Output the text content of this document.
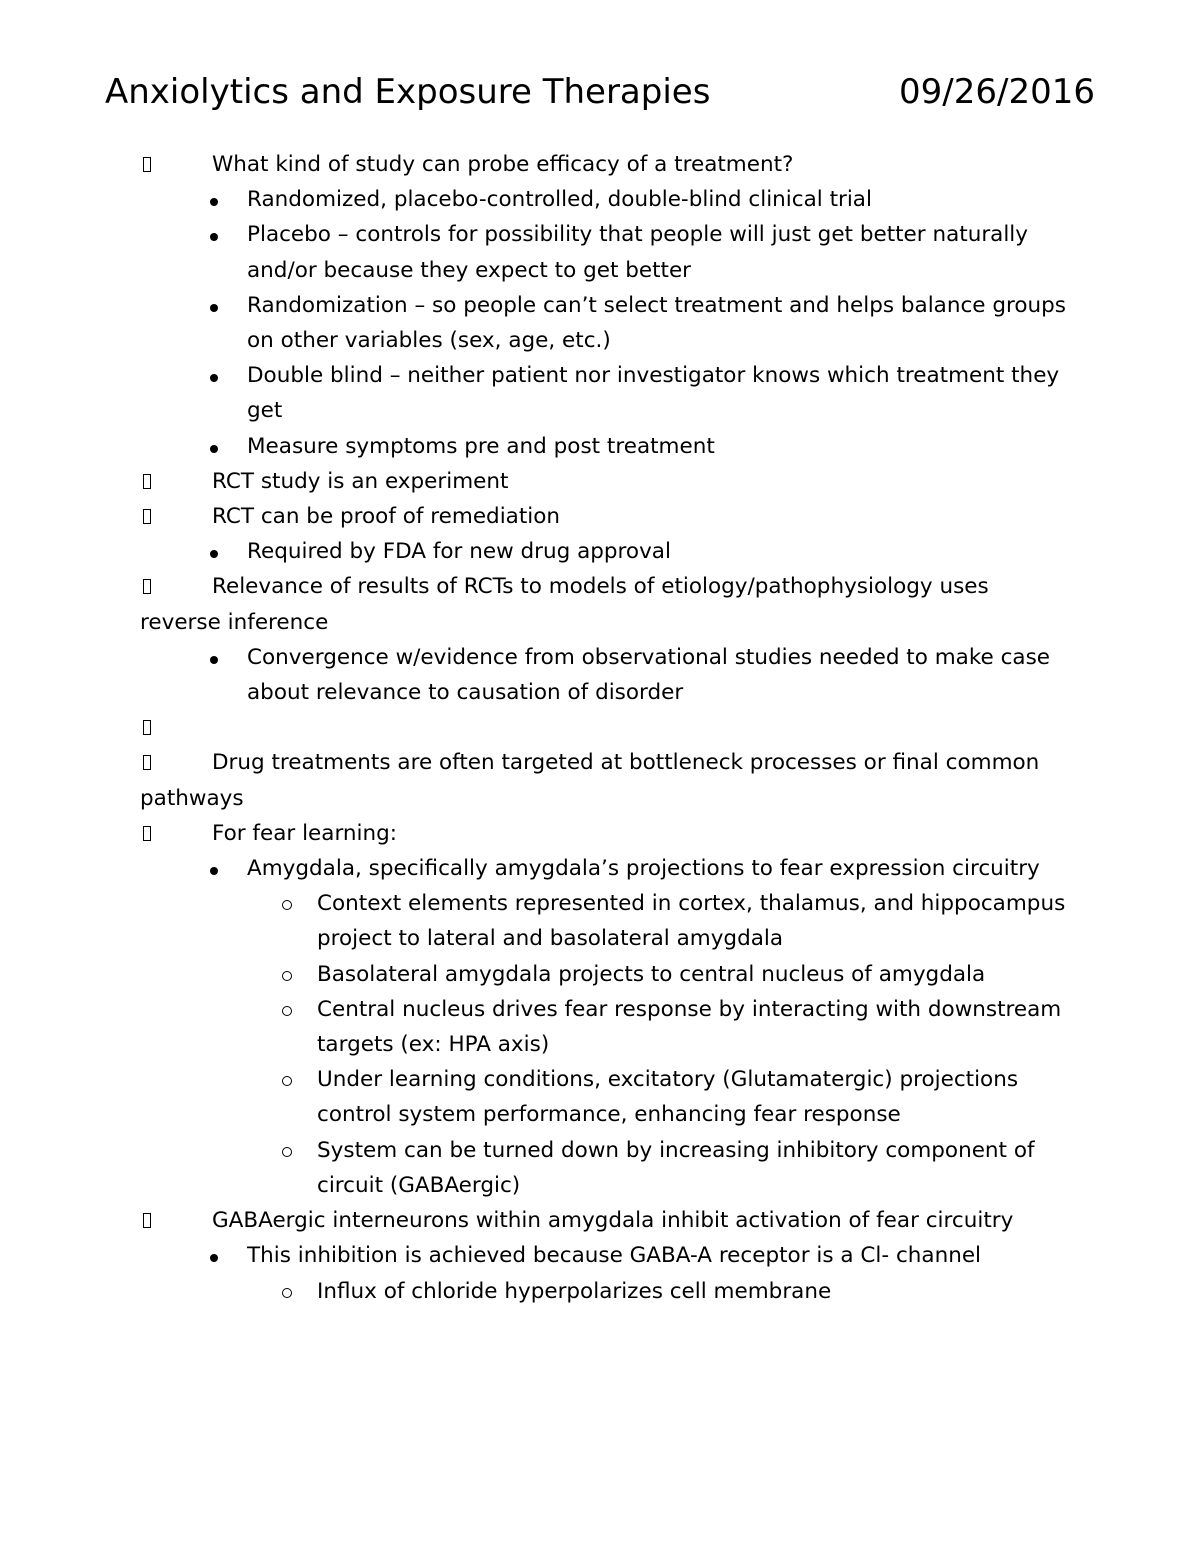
Anxiolytics and Exposure Therapies	09/26/2016

What kind of study can probe efficacy of a treatment?

Randomized, placebo-controlled, double-blind clinical trial

Placebo – controls for possibility that people will just get better naturally and/or because they expect to get better

Randomization – so people can’t select treatment and helps balance groups on other variables (sex, age, etc.)

Double blind – neither patient nor investigator knows which treatment they get

Measure symptoms pre and post treatment

RCT study is an experiment

RCT can be proof of remediation

Required by FDA for new drug approval

Relevance of results of RCTs to models of etiology/pathophysiology uses reverse inference

Convergence w/evidence from observational studies needed to make case about relevance to causation of disorder

Drug treatments are often targeted at bottleneck processes or final common pathways

For fear learning:

Amygdala, specifically amygdala’s projections to fear expression circuitry

Context elements represented in cortex, thalamus, and hippocampus project to lateral and basolateral amygdala

Basolateral amygdala projects to central nucleus of amygdala

Central nucleus drives fear response by interacting with downstream targets (ex: HPA axis)

Under learning conditions, excitatory (Glutamatergic) projections control system performance, enhancing fear response

System can be turned down by increasing inhibitory component of circuit (GABAergic)

GABAergic interneurons within amygdala inhibit activation of fear circuitry

This inhibition is achieved because GABA-A receptor is a Cl- channel

Influx of chloride hyperpolarizes cell membrane
